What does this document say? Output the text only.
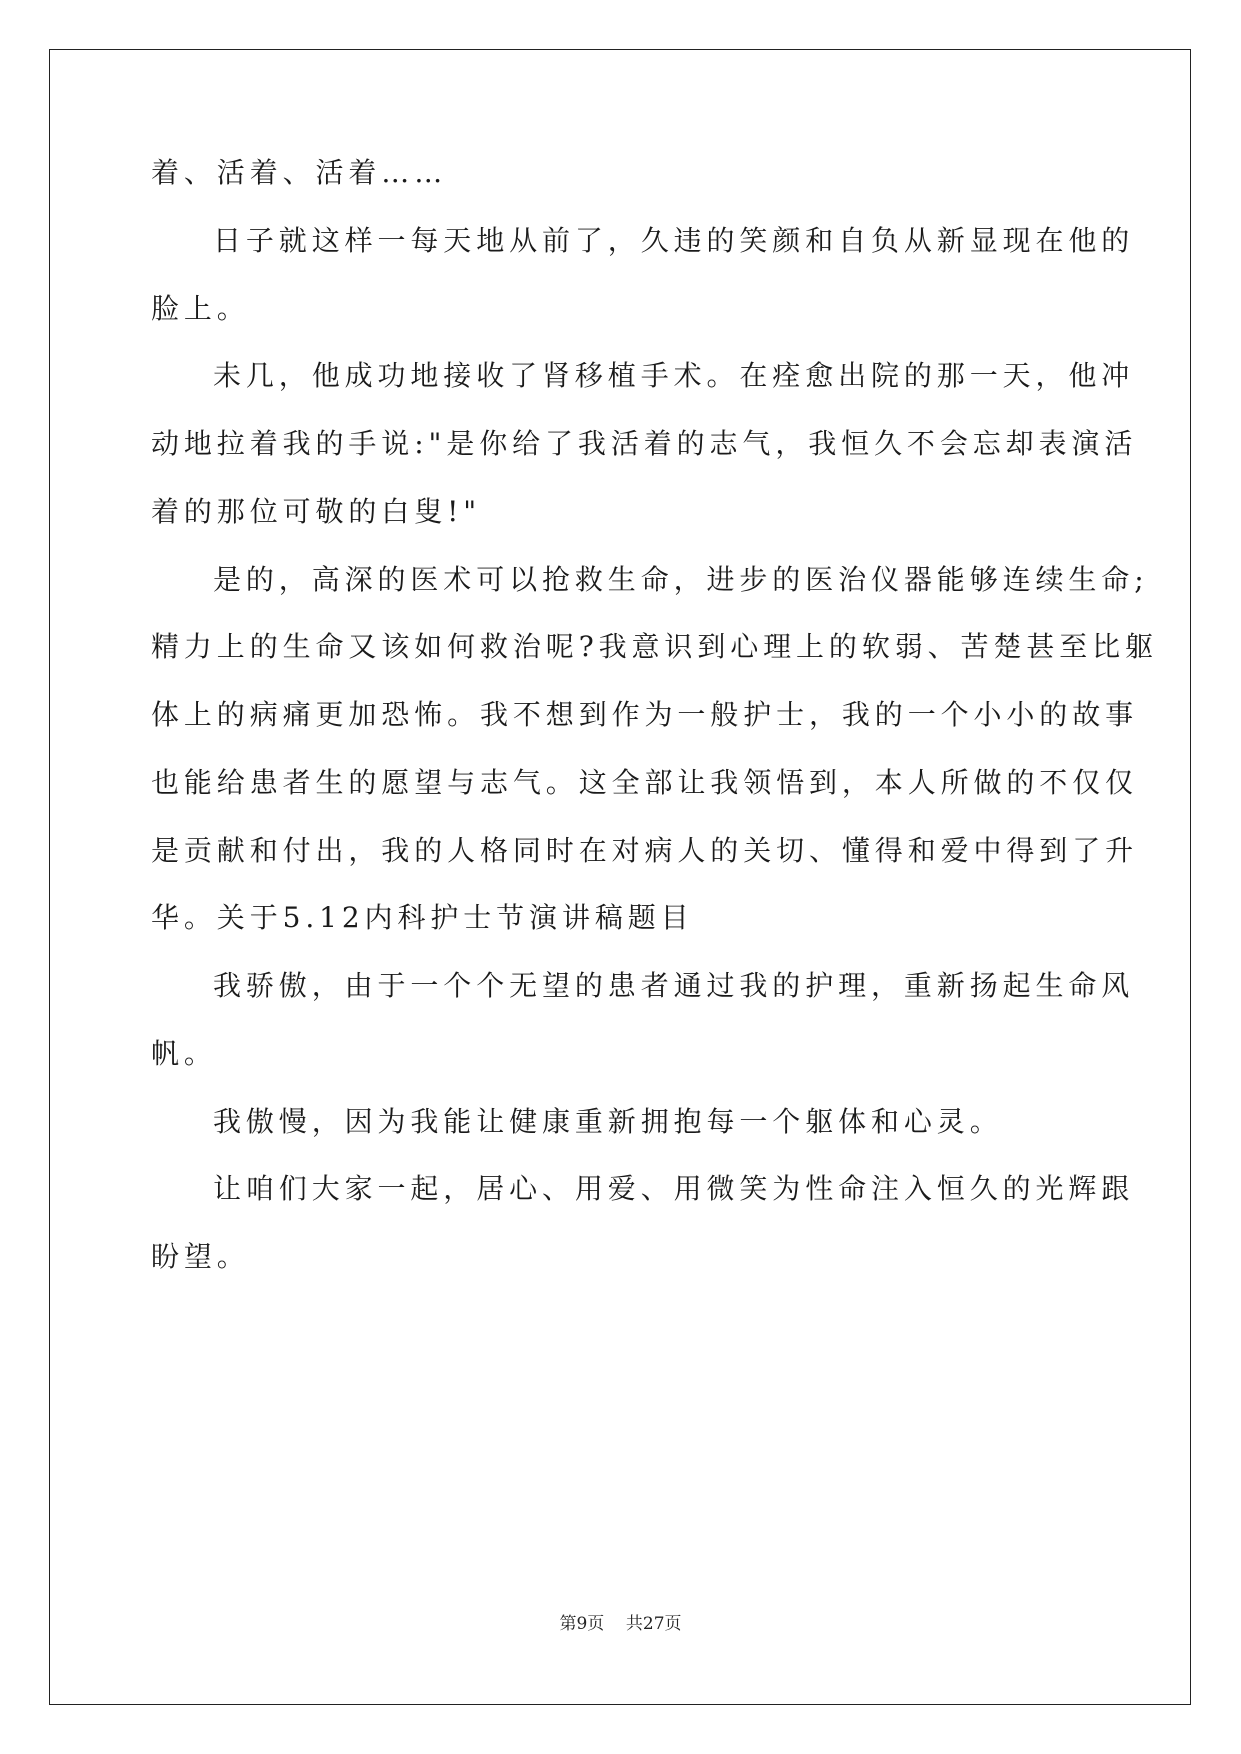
着、活着、活着……
日子就这样一每天地从前了，久违的笑颜和自负从新显现在他的
脸上。
未几，他成功地接收了肾移植手术。在痊愈出院的那一天，他冲
动地拉着我的手说:"是你给了我活着的志气，我恒久不会忘却表演活
着的那位可敬的白叟!"
是的，高深的医术可以抢救生命，进步的医治仪器能够连续生命;
精力上的生命又该如何救治呢?我意识到心理上的软弱、苦楚甚至比躯
体上的病痛更加恐怖。我不想到作为一般护士，我的一个小小的故事
也能给患者生的愿望与志气。这全部让我领悟到，本人所做的不仅仅
是贡献和付出，我的人格同时在对病人的关切、懂得和爱中得到了升
华。关于5.12内科护士节演讲稿题目
我骄傲，由于一个个无望的患者通过我的护理，重新扬起生命风
帆。
我傲慢，因为我能让健康重新拥抱每一个躯体和心灵。
让咱们大家一起，居心、用爱、用微笑为性命注入恒久的光辉跟
盼望。
第9页    共27页
